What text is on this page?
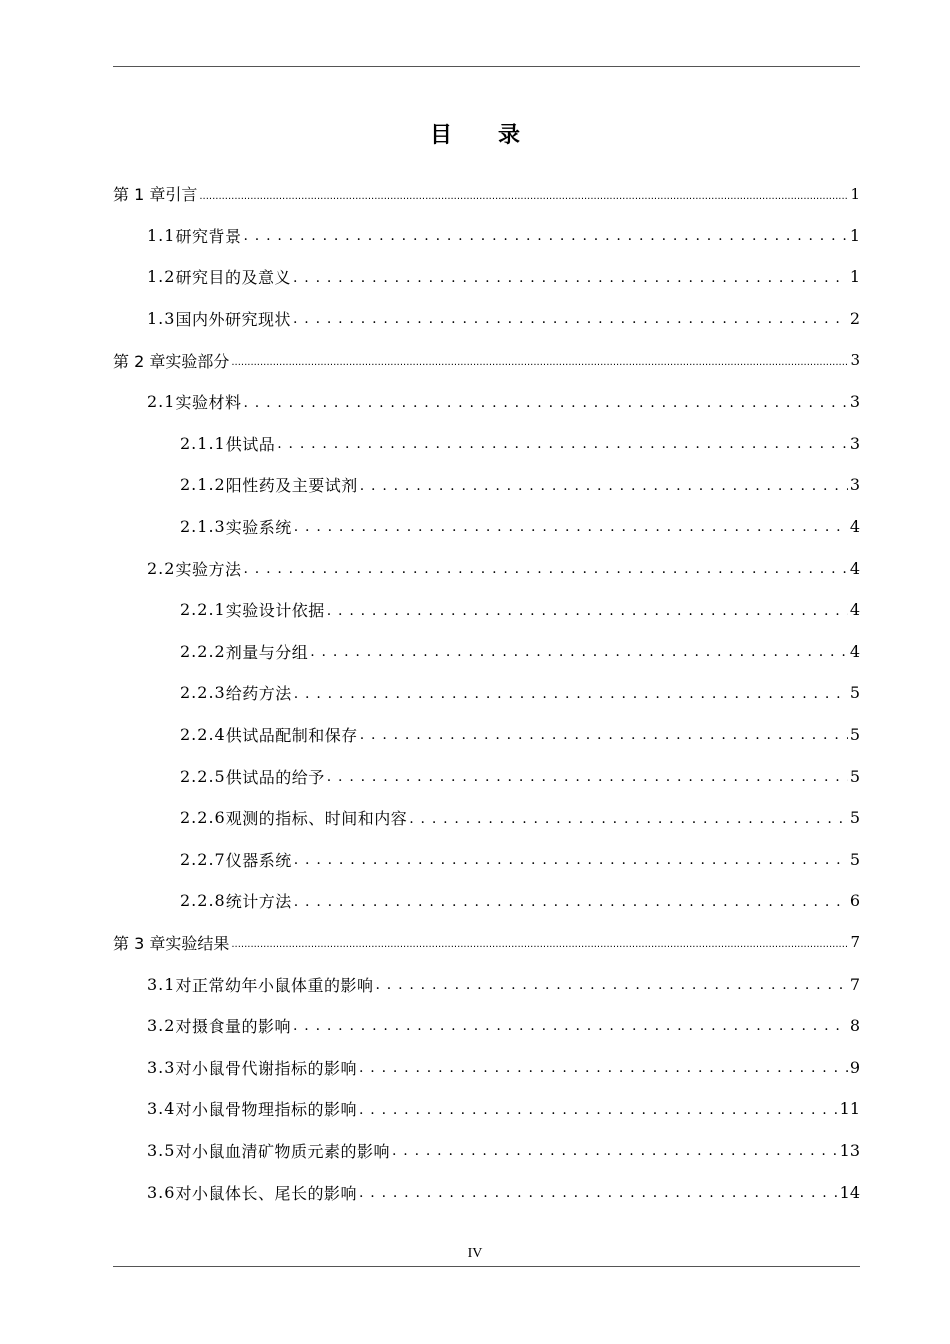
目 录
第 1 章 引言 .....	1
1.1 研究背景 . . .	1
1.2 研究目的及意义 . . .	1
1.3 国内外研究现状 . . .	2
第 2 章 实验部分 .....	3
2.1 实验材料 . . .	3
2.1.1 供试品 . . .	3
2.1.2 阳性药及主要试剂 . . .	3
2.1.3 实验系统 . . .	4
2.2 实验方法 . . .	4
2.2.1 实验设计依据 . . .	4
2.2.2 剂量与分组 . . .	4
2.2.3 给药方法 . . .	5
2.2.4 供试品配制和保存 . . .	5
2.2.5 供试品的给予 . . .	5
2.2.6 观测的指标、时间和内容 . . .	5
2.2.7 仪器系统 . . .	5
2.2.8 统计方法 . . .	6
第 3 章 实验结果 .....	7
3.1 对正常幼年小鼠体重的影响 . . .	7
3.2 对摄食量的影响 . . .	8
3.3 对小鼠骨代谢指标的影响 . . .	9
3.4 对小鼠骨物理指标的影响 . . .	11
3.5 对小鼠血清矿物质元素的影响 . . .	13
3.6 对小鼠体长、尾长的影响 . . .	14
IV
